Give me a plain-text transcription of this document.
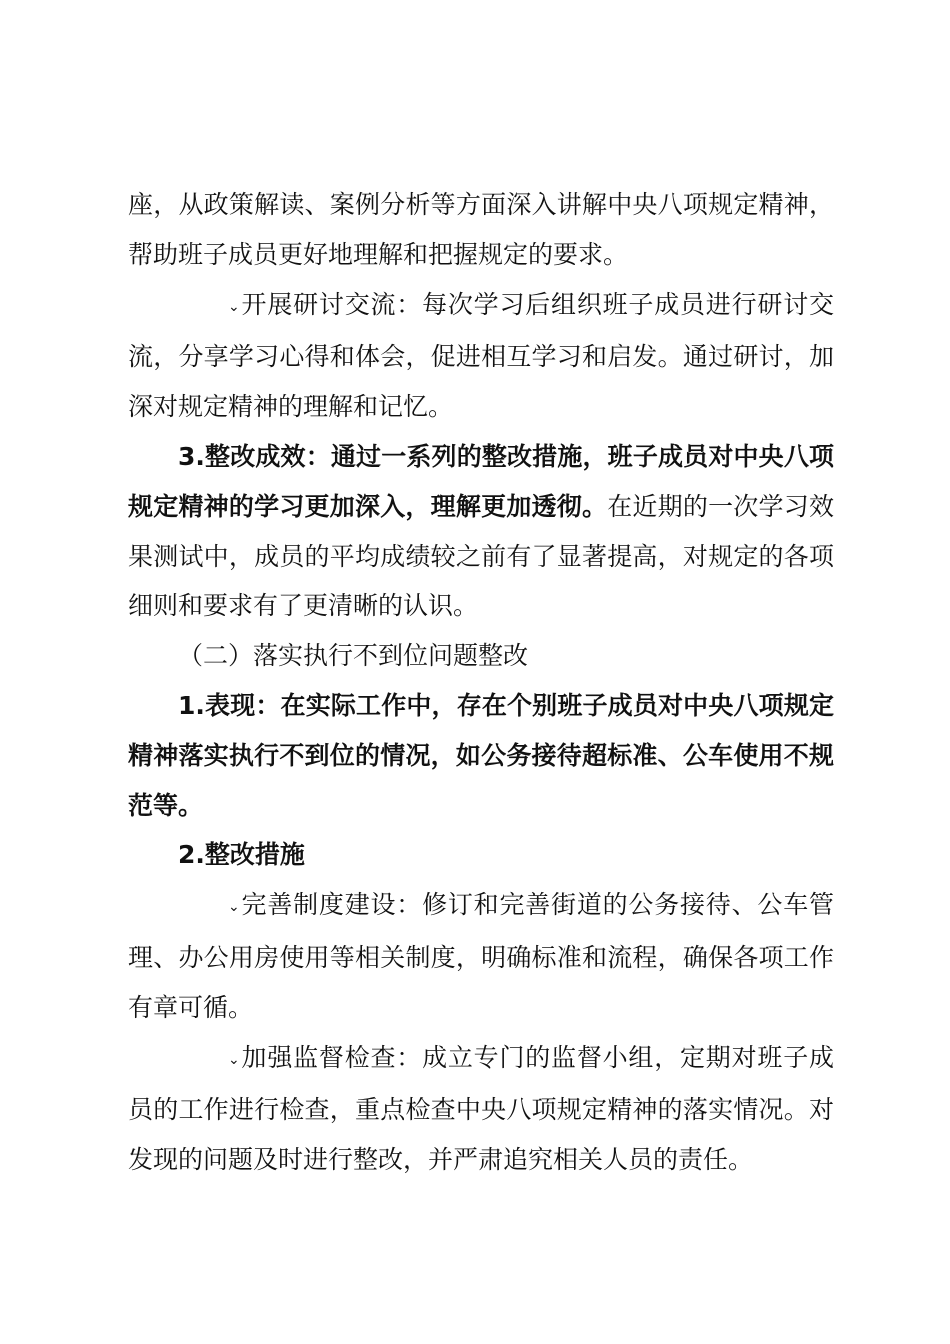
座，从政策解读、案例分析等方面深入讲解中央八项规定精神，帮助班子成员更好地理解和把握规定的要求。

⌄开展研讨交流：每次学习后组织班子成员进行研讨交流，分享学习心得和体会，促进相互学习和启发。通过研讨，加深对规定精神的理解和记忆。

3.整改成效：通过一系列的整改措施，班子成员对中央八项规定精神的学习更加深入，理解更加透彻。在近期的一次学习效果测试中，成员的平均成绩较之前有了显著提高，对规定的各项细则和要求有了更清晰的认识。

（二）落实执行不到位问题整改

1.表现：在实际工作中，存在个别班子成员对中央八项规定精神落实执行不到位的情况，如公务接待超标准、公车使用不规范等。

2.整改措施

⌄完善制度建设：修订和完善街道的公务接待、公车管理、办公用房使用等相关制度，明确标准和流程，确保各项工作有章可循。

⌄加强监督检查：成立专门的监督小组，定期对班子成员的工作进行检查，重点检查中央八项规定精神的落实情况。对发现的问题及时进行整改，并严肃追究相关人员的责任。
